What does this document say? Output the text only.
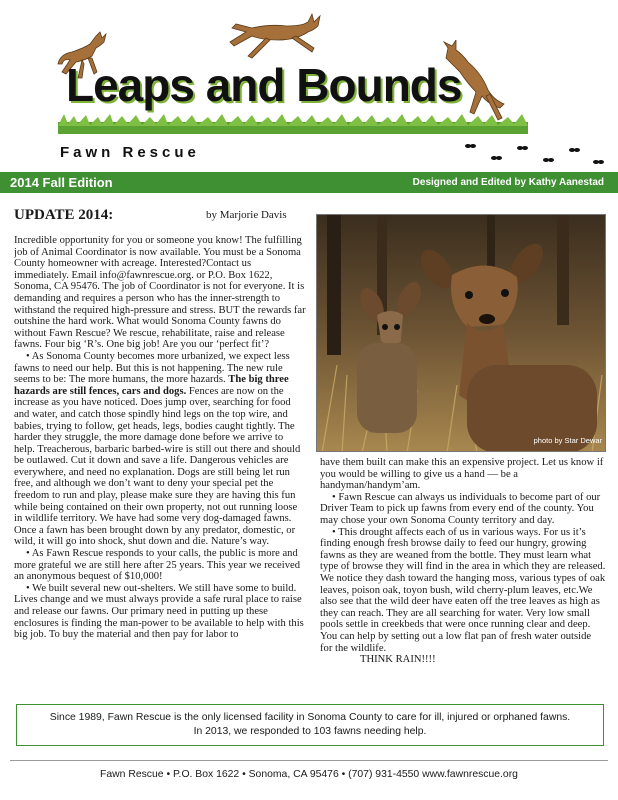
Leaps and Bounds
Fawn Rescue
2014 Fall Edition	Designed and Edited by Kathy Aanestad
UPDATE 2014:	by Marjorie Davis

Incredible opportunity for you or someone you know! The fulfilling job of Animal Coordinator is now available. You must be a Sonoma County homeowner with acreage. Interested?Contact us immediately. Email info@fawnrescue.org. or P.O. Box 1622, Sonoma, CA 95476. The job of Coordinator is not for everyone. It is demanding and requires a person who has the inner-strength to withstand the required high-pressure and stress. BUT the rewards far outshine the hard work. What would Sonoma County fawns do without Fawn Rescue? We rescue, rehabilitate, raise and release fawns. Four big ‘R’s. One big job! Are you our ‘perfect fit’?

• As Sonoma County becomes more urbanized, we expect less fawns to need our help. But this is not happening. The new rule seems to be: The more humans, the more hazards. The big three hazards are still fences, cars and dogs. Fences are now on the increase as you have noticed. Does jump over, searching for food and water, and catch those spindly hind legs on the top wire, and babies, trying to follow, get heads, legs, bodies caught tightly. The harder they struggle, the more damage done before we arrive to help. Treacherous, barbaric barbed-wire is still out there and should be outlawed. Cut it down and save a life. Dangerous vehicles are everywhere, and need no explanation. Dogs are still being let run free, and although we don’t want to deny your special pet the freedom to run and play, please make sure they are having this fun while being contained on their own property, not out running loose in wildlife territory. We have had some very dog-damaged fawns. Once a fawn has been brought down by any predator, domestic, or wild, it will go into shock, shut down and die. Nature’s way.

• As Fawn Rescue responds to your calls, the public is more and more grateful we are still here after 25 years. This year we received an anonymous bequest of $10,000!

• We built several new out-shelters. We still have some to build. Lives change and we must always provide a safe rural place to raise and release our fawns. Our primary need in putting up these enclosures is finding the man-power to be available to help with this big job. To buy the material and then pay for labor to

photo by Star Dewar

have them built can make this an expensive project. Let us know if you would be willing to give us a hand — be a handyman/handym’am.

• Fawn Rescue can always us individuals to become part of our Driver Team to pick up fawns from every end of the county. You may chose your own Sonoma County territory and day.

• This drought affects each of us in various ways. For us it’s finding enough fresh browse daily to feed our hungry, growing fawns as they are weaned from the bottle. They must learn what type of browse they will find in the area in which they are released. We notice they dash toward the hanging moss, various types of oak leaves, poison oak, toyon bush, wild cherry-plum leaves, etc.We also see that the wild deer have eaten off the tree leaves as high as they can reach. They are all searching for water. Very low small pools settle in creekbeds that were once running clear and deep. You can help by setting out a low flat pan of fresh water outside for the wildlife.

THINK RAIN!!!!

Since 1989, Fawn Rescue is the only licensed facility in Sonoma County to care for ill, injured or orphaned fawns.
In 2013, we responded to 103 fawns needing help.
Fawn Rescue • P.O. Box 1622 • Sonoma, CA 95476 • (707) 931-4550 www.fawnrescue.org
